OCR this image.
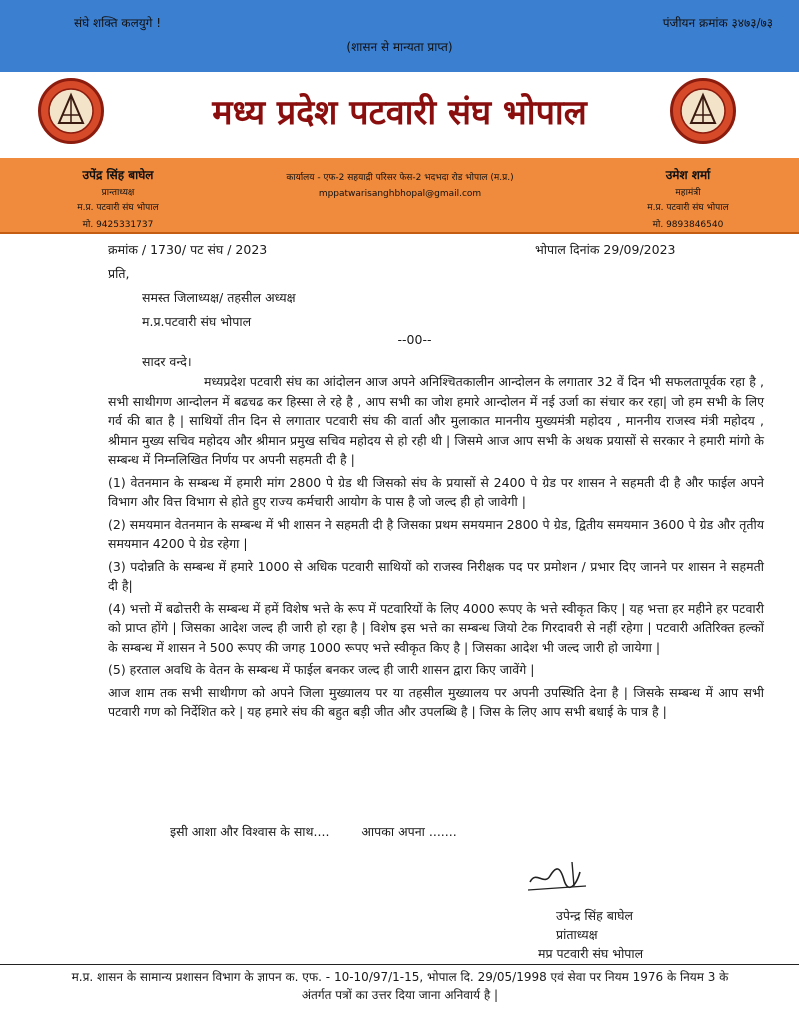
संघे शक्ति कलयुगे !	पंजीयन क्रमांक ३४७३/७३
(शासन से मान्यता प्राप्त)
मध्य प्रदेश पटवारी संघ भोपाल
उपेंद्र सिंह बाघेल
प्रान्ताध्यक्ष
म.प्र. पटवारी संघ भोपाल
मो. 9425331737
कार्यालय - एफ-2 सहयाद्री परिसर फेस-2 भदभदा रोड भोपाल (म.प्र.)
mppatwarisanghbhopal@gmail.com
उमेश शर्मा
महामंत्री
म.प्र. पटवारी संघ भोपाल
मो. 9893846540
क्रमांक / 1730/ पट संघ / 2023	भोपाल दिनांक 29/09/2023
प्रति,
समस्त जिलाध्यक्ष/ तहसील अध्यक्ष
म.प्र.पटवारी संघ भोपाल
--00--
सादर वन्दे।

मध्यप्रदेश पटवारी संघ का आंदोलन आज अपने अनिश्चितकालीन आन्दोलन के लगातार 32 वें दिन भी सफलतापूर्वक रहा है , सभी साथीगण आन्दोलन में बढचढ कर हिस्सा ले रहे है , आप सभी का जोश हमारे आन्दोलन में नई उर्जा का संचार कर रहा| जो हम सभी के लिए गर्व की बात है | साथियों तीन दिन से लगातार पटवारी संघ की वार्ता और मुलाकात माननीय मुख्यमंत्री महोदय , माननीय राजस्व मंत्री महोदय , श्रीमान मुख्य सचिव महोदय और श्रीमान प्रमुख सचिव महोदय से हो रही थी | जिसमे आज आप सभी के अथक प्रयासों से सरकार ने हमारी मांगो के सम्बन्ध में निम्नलिखित निर्णय पर अपनी सहमती दी है |

(1) वेतनमान के सम्बन्ध में हमारी मांग 2800 पे ग्रेड थी जिसको संघ के प्रयासों से 2400 पे ग्रेड पर शासन ने सहमती दी है और फाईल अपने विभाग और वित्त विभाग से होते हुए राज्य कर्मचारी आयोग के पास है जो जल्द ही हो जावेगी |

(2) समयमान वेतनमान के सम्बन्ध में भी शासन ने सहमती दी है जिसका प्रथम समयमान 2800 पे ग्रेड, द्वितीय समयमान 3600 पे ग्रेड और तृतीय समयमान 4200 पे ग्रेड रहेगा |

(3) पदोन्नति के सम्बन्ध में हमारे 1000 से अधिक पटवारी साथियों को राजस्व निरीक्षक पद पर प्रमोशन / प्रभार दिए जानने पर शासन ने सहमती दी है|

(4) भत्तो में बढोत्तरी के सम्बन्ध में हमें विशेष भत्ते के रूप में पटवारियों के लिए 4000 रूपए के भत्ते स्वीकृत किए | यह भत्ता हर महीने हर पटवारी को प्राप्त होंगे | जिसका आदेश जल्द ही जारी हो रहा है | विशेष इस भत्ते का सम्बन्ध जियो टेक गिरदावरी से नहीं रहेगा | पटवारी अतिरिक्त हल्कों के सम्बन्ध में शासन ने 500 रूपए की जगह 1000 रूपए भत्ते स्वीकृत किए है | जिसका आदेश भी जल्द जारी हो जायेगा |

(5) हरताल अवधि के वेतन के सम्बन्ध में फाईल बनकर जल्द ही जारी शासन द्वारा किए जावेंगे |

आज शाम तक सभी साथीगण को अपने जिला मुख्यालय पर या तहसील मुख्यालय पर अपनी उपस्थिति देना है | जिसके सम्बन्ध में आप सभी पटवारी गण को निर्देशित करे | यह हमारे संघ की बहुत बड़ी जीत और उपलब्धि है | जिस के लिए आप सभी बधाई के पात्र है |

इसी आशा और विश्वास के साथ....	आपका अपना .......
उपेन्द्र सिंह बाघेल
प्रांताध्यक्ष
मप्र पटवारी संघ भोपाल
म.प्र. शासन के सामान्य प्रशासन विभाग के ज्ञापन क. एफ. - 10-10/97/1-15, भोपाल दि. 29/05/1998 एवं सेवा पर नियम 1976 के नियम 3 के अंतर्गत पत्रों का उत्तर दिया जाना अनिवार्य है |
